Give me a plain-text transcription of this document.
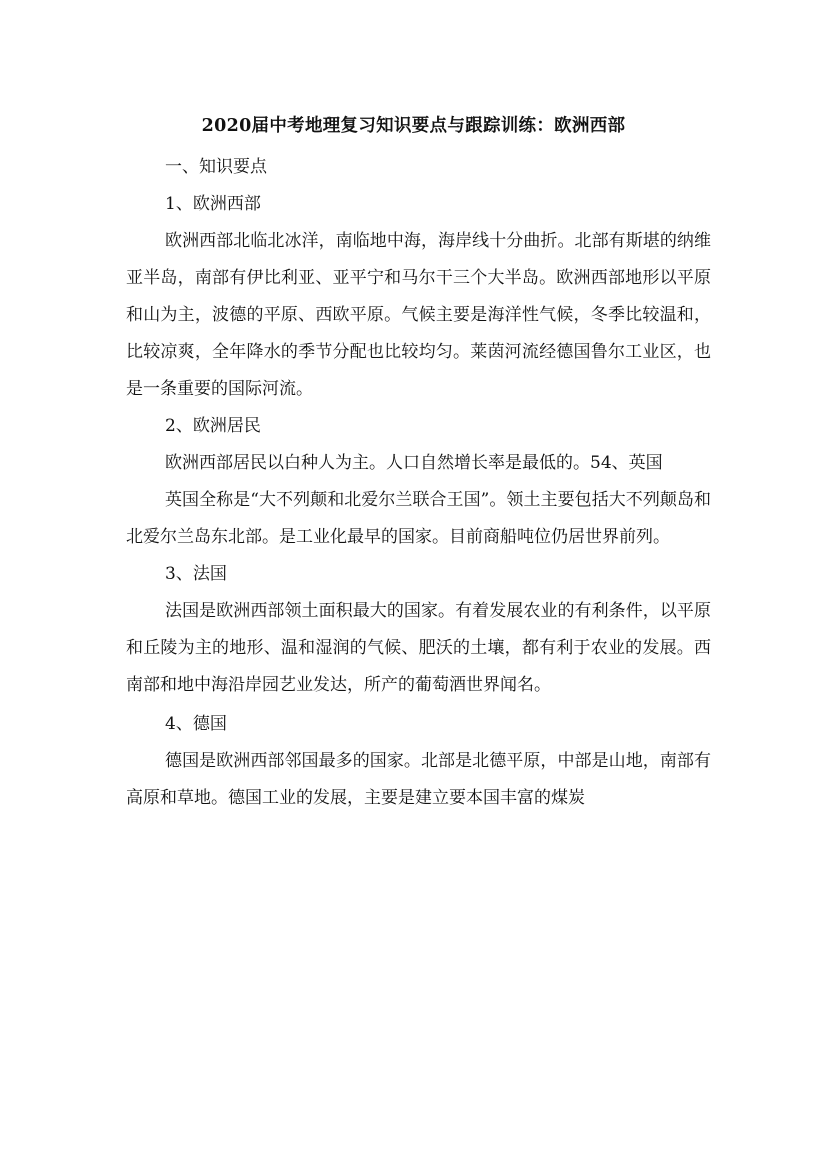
2020届中考地理复习知识要点与跟踪训练：欧洲西部

一、知识要点

1、欧洲西部

欧洲西部北临北冰洋，南临地中海，海岸线十分曲折。北部有斯堪的纳维亚半岛，南部有伊比利亚、亚平宁和马尔干三个大半岛。欧洲西部地形以平原和山为主，波德的平原、西欧平原。气候主要是海洋性气候，冬季比较温和，比较凉爽，全年降水的季节分配也比较均匀。莱茵河流经德国鲁尔工业区，也是一条重要的国际河流。

2、欧洲居民

欧洲西部居民以白种人为主。人口自然增长率是最低的。54、英国

英国全称是“大不列颠和北爱尔兰联合王国”。领土主要包括大不列颠岛和北爱尔兰岛东北部。是工业化最早的国家。目前商船吨位仍居世界前列。

3、法国

法国是欧洲西部领土面积最大的国家。有着发展农业的有利条件，以平原和丘陵为主的地形、温和湿润的气候、肥沃的土壤，都有利于农业的发展。西南部和地中海沿岸园艺业发达，所产的葡萄酒世界闻名。

4、德国

德国是欧洲西部邻国最多的国家。北部是北德平原，中部是山地，南部有高原和草地。德国工业的发展，主要是建立要本国丰富的煤炭
